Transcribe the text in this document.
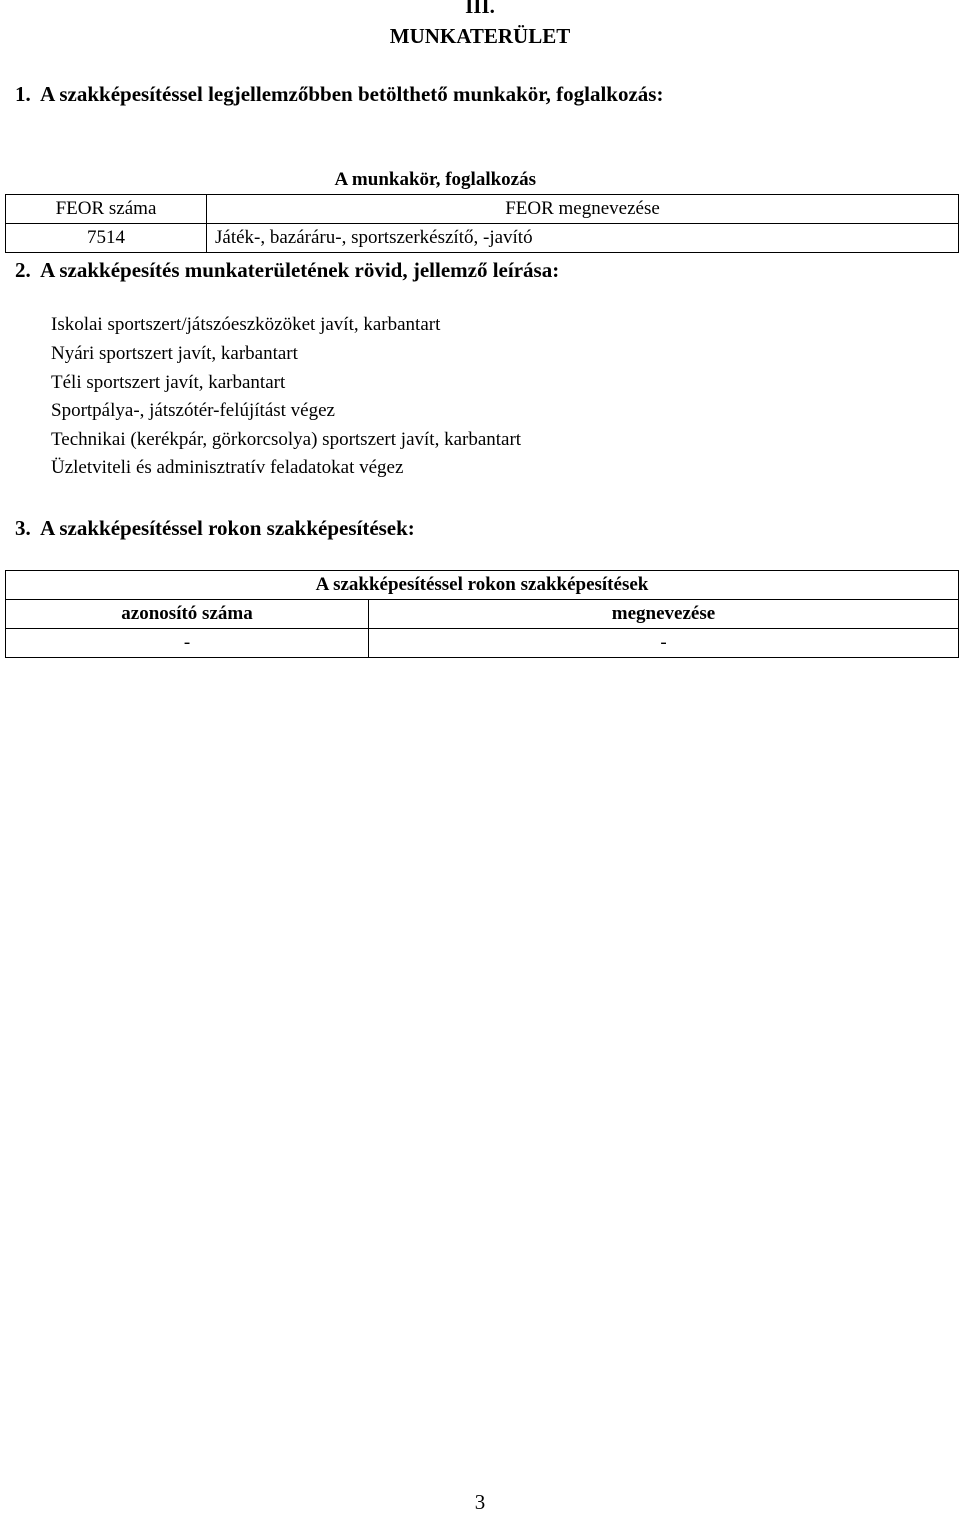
III.
MUNKATERÜLET
1.  A szakképesítéssel legjellemzőbben betölthető munkakör, foglalkozás:
	A munkakör, foglalkozás
FEOR száma	FEOR megnevezése
7514	Játék-, bazáráru-, sportszerkészítő, -javító
2.  A szakképesítés munkaterületének rövid, jellemző leírása:
Iskolai sportszert/játszóeszközöket javít, karbantart
Nyári sportszert javít, karbantart
Téli sportszert javít, karbantart
Sportpálya-, játszótér-felújítást végez
Technikai (kerékpár, görkorcsolya) sportszert javít, karbantart
Üzletviteli és adminisztratív feladatokat végez
3.  A szakképesítéssel rokon szakképesítések:
A szakképesítéssel rokon szakképesítések	
azonosító száma	megnevezése
-	-
3
